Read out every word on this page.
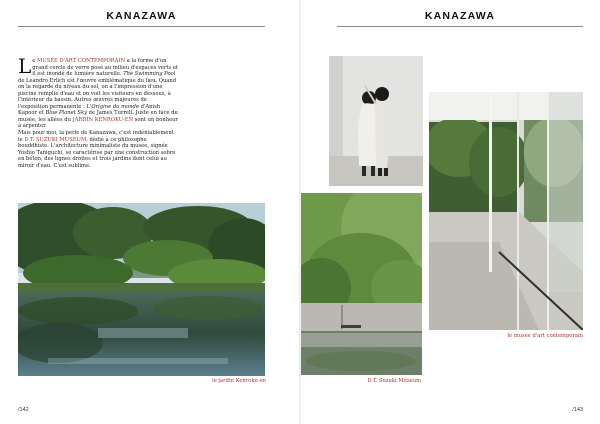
KANAZAWA
Le MUSÉE D'ART CONTEMPORAIN a la forme d'un grand cercle de verre posé au milieu d'espaces verts et il est inondé de lumière naturelle. The Swimming Pool de Leandro Erlich est l'œuvre emblématique du lieu. Quand on la regarde du niveau du sol, on a l'impression d'une piscine remplie d'eau et on voit les visiteurs en dessous, à l'intérieur du bassin. Autres œuvres majeures de l'exposition permanente : L'Origine du monde d'Anish Kapoor et Blue Planet Sky de James Turrell. Juste en face du musée, les allées du JARDIN KENROKU-EN sont un bonheur à arpenter.
Mais pour moi, la perle de Kanazawa, c'est indéniablement le D.T. SUZUKI MUSEUM, dédié à ce philosophe bouddhiste. L'architecture minimaliste du musée, signée Yoshio Taniguchi, se caractérise par une construction sobre en béton, des lignes droites et trois jardins dont celui au miroir d'eau. C'est sublime.
le jardin Kenroku-en
/142
KANAZAWA
D.T. Suzuki Museum
le musée d'art contemporain
/143
